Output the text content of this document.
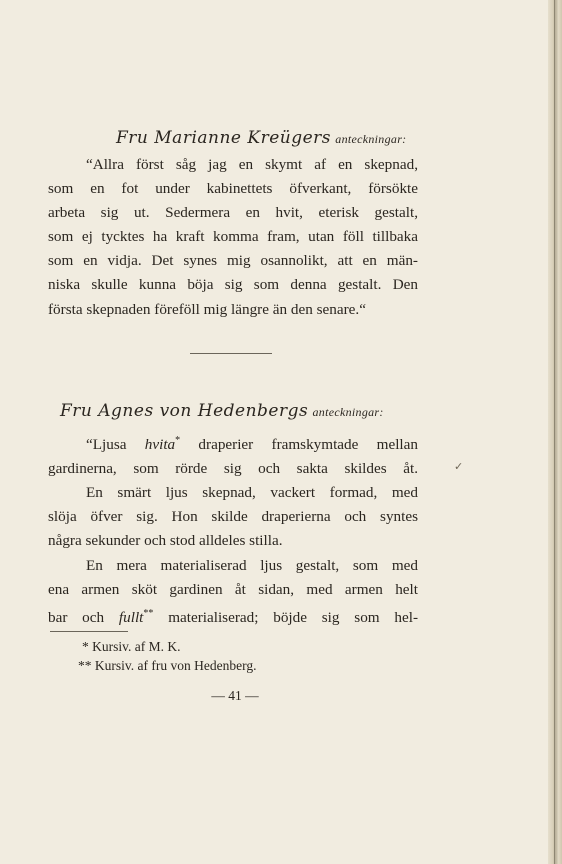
Fru Marianne Kreügers anteckningar:
“Allra först såg jag en skymt af en skepnad,
som en fot under kabinettets öfverkant, försökte
arbeta sig ut. Sedermera en hvit, eterisk gestalt,
som ej tycktes ha kraft komma fram, utan föll tillbaka
som en vidja. Det synes mig osannolikt, att en män-
niska skulle kunna böja sig som denna gestalt. Den
första skepnaden föreföll mig längre än den senare.“
Fru Agnes von Hedenbergs anteckningar:
“Ljusa hvita* draperier framskymtade mellan
gardinerna, som rörde sig och sakta skildes åt.
En smärt ljus skepnad, vackert formad, med
slöja öfver sig. Hon skilde draperierna och syntes
några sekunder och stod alldeles stilla.
En mera materialiserad ljus gestalt, som med
ena armen sköt gardinen åt sidan, med armen helt
bar och fullt** materialiserad; böjde sig som hel-
✓
* Kursiv. af M. K.
** Kursiv. af fru von Hedenberg.
— 41 —
